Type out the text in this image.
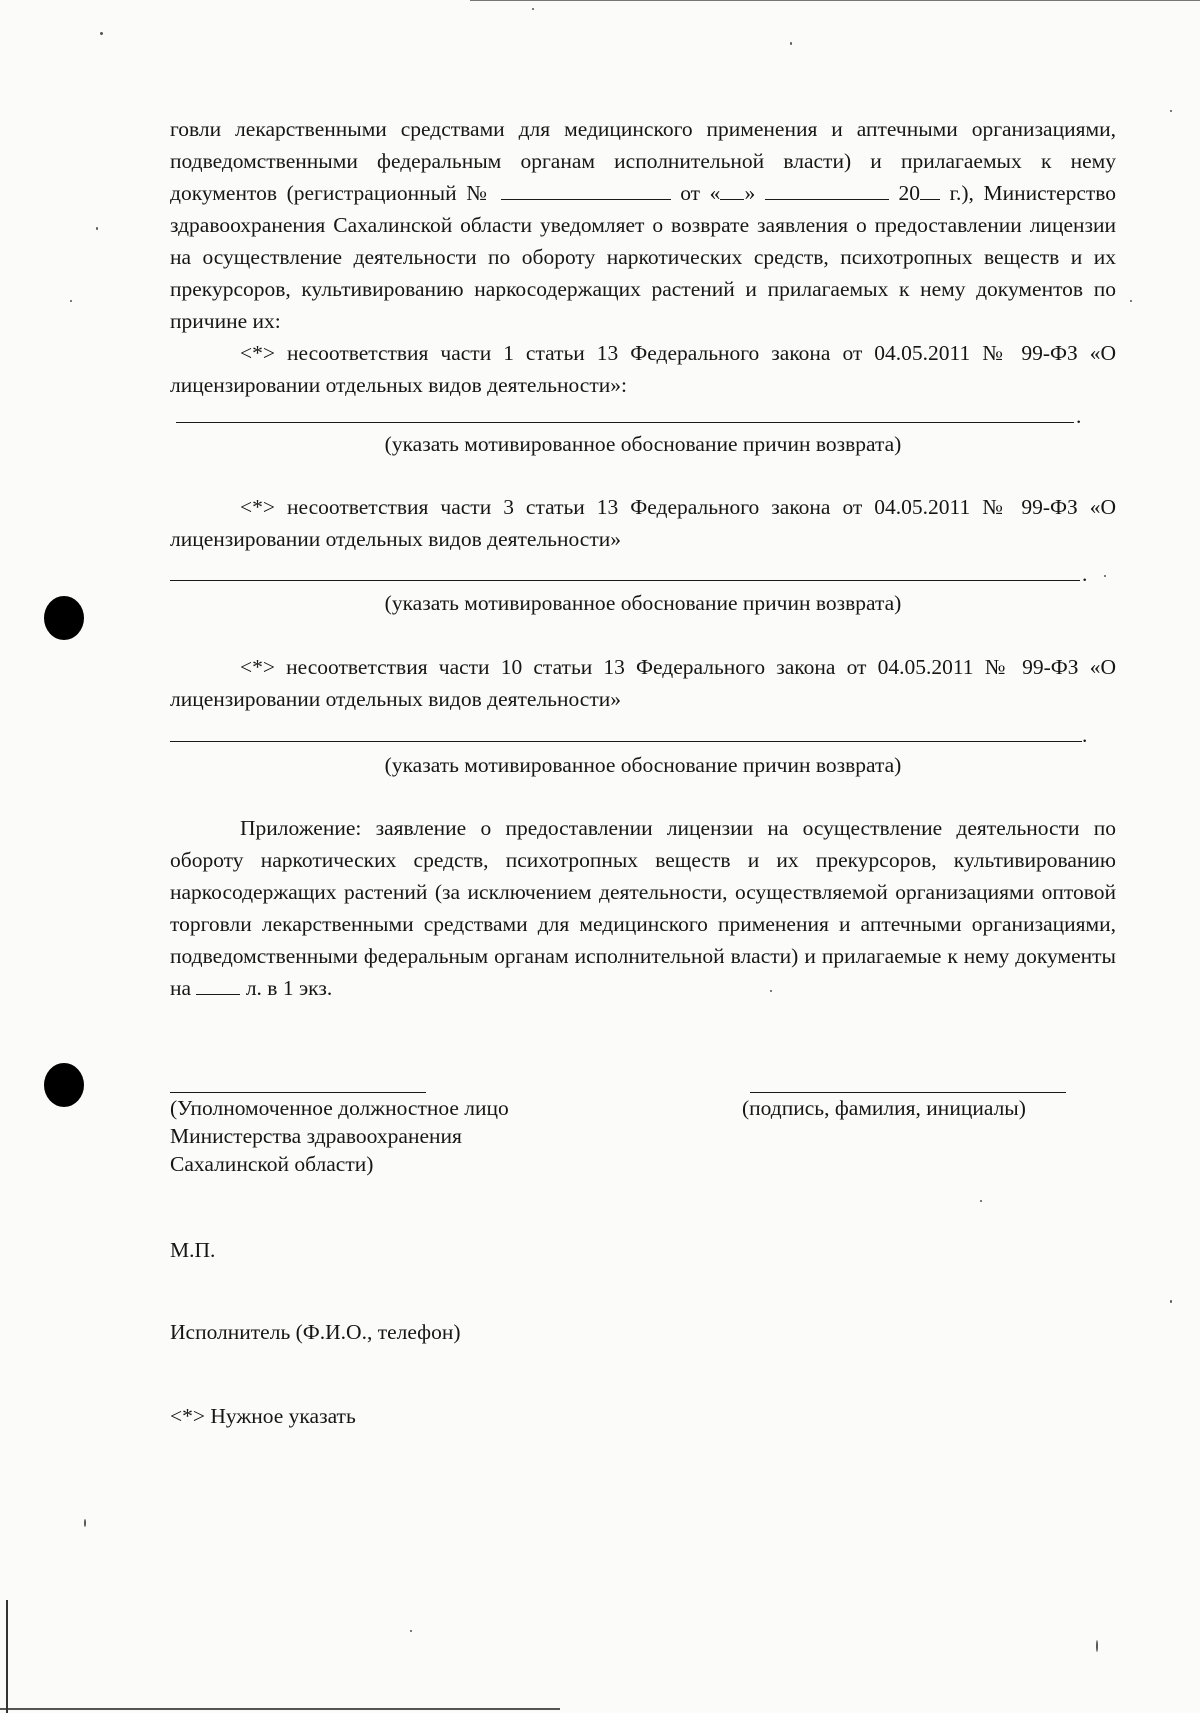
говли лекарственными средствами для медицинского применения и аптечными организациями, подведомственными федеральным органам исполнительной власти) и прилагаемых к нему документов (регистрационный №	от « »	20 г.), Министерство здравоохранения Сахалинской области уведомляет о возврате заявления о предоставлении лицензии на осуществление деятельности по обороту наркотических средств, психотропных веществ и их прекурсоров, культивированию наркосодержащих растений и прилагаемых к нему документов по причине их:
<*> несоответствия части 1 статьи 13 Федерального закона от 04.05.2011 № 99-ФЗ «О лицензировании отдельных видов деятельности»:
.
(указать мотивированное обоснование причин возврата)
<*> несоответствия части 3 статьи 13 Федерального закона от 04.05.2011 № 99-ФЗ «О лицензировании отдельных видов деятельности»
.
(указать мотивированное обоснование причин возврата)
<*> несоответствия части 10 статьи 13 Федерального закона от 04.05.2011 № 99-ФЗ «О лицензировании отдельных видов деятельности»
.
(указать мотивированное обоснование причин возврата)
Приложение: заявление о предоставлении лицензии на осуществление деятельности по обороту наркотических средств, психотропных веществ и их прекурсоров, культивированию наркосодержащих растений (за исключением деятельности, осуществляемой организациями оптовой торговли лекарственными средствами для медицинского применения и аптечными организациями, подведомственными федеральным органам исполнительной власти) и прилагаемые к нему документы на	л. в 1 экз.
(Уполномоченное должностное лицо
Министерства здравоохранения
Сахалинской области)
(подпись, фамилия, инициалы)
М.П.
Исполнитель (Ф.И.О., телефон)
<*> Нужное указать
